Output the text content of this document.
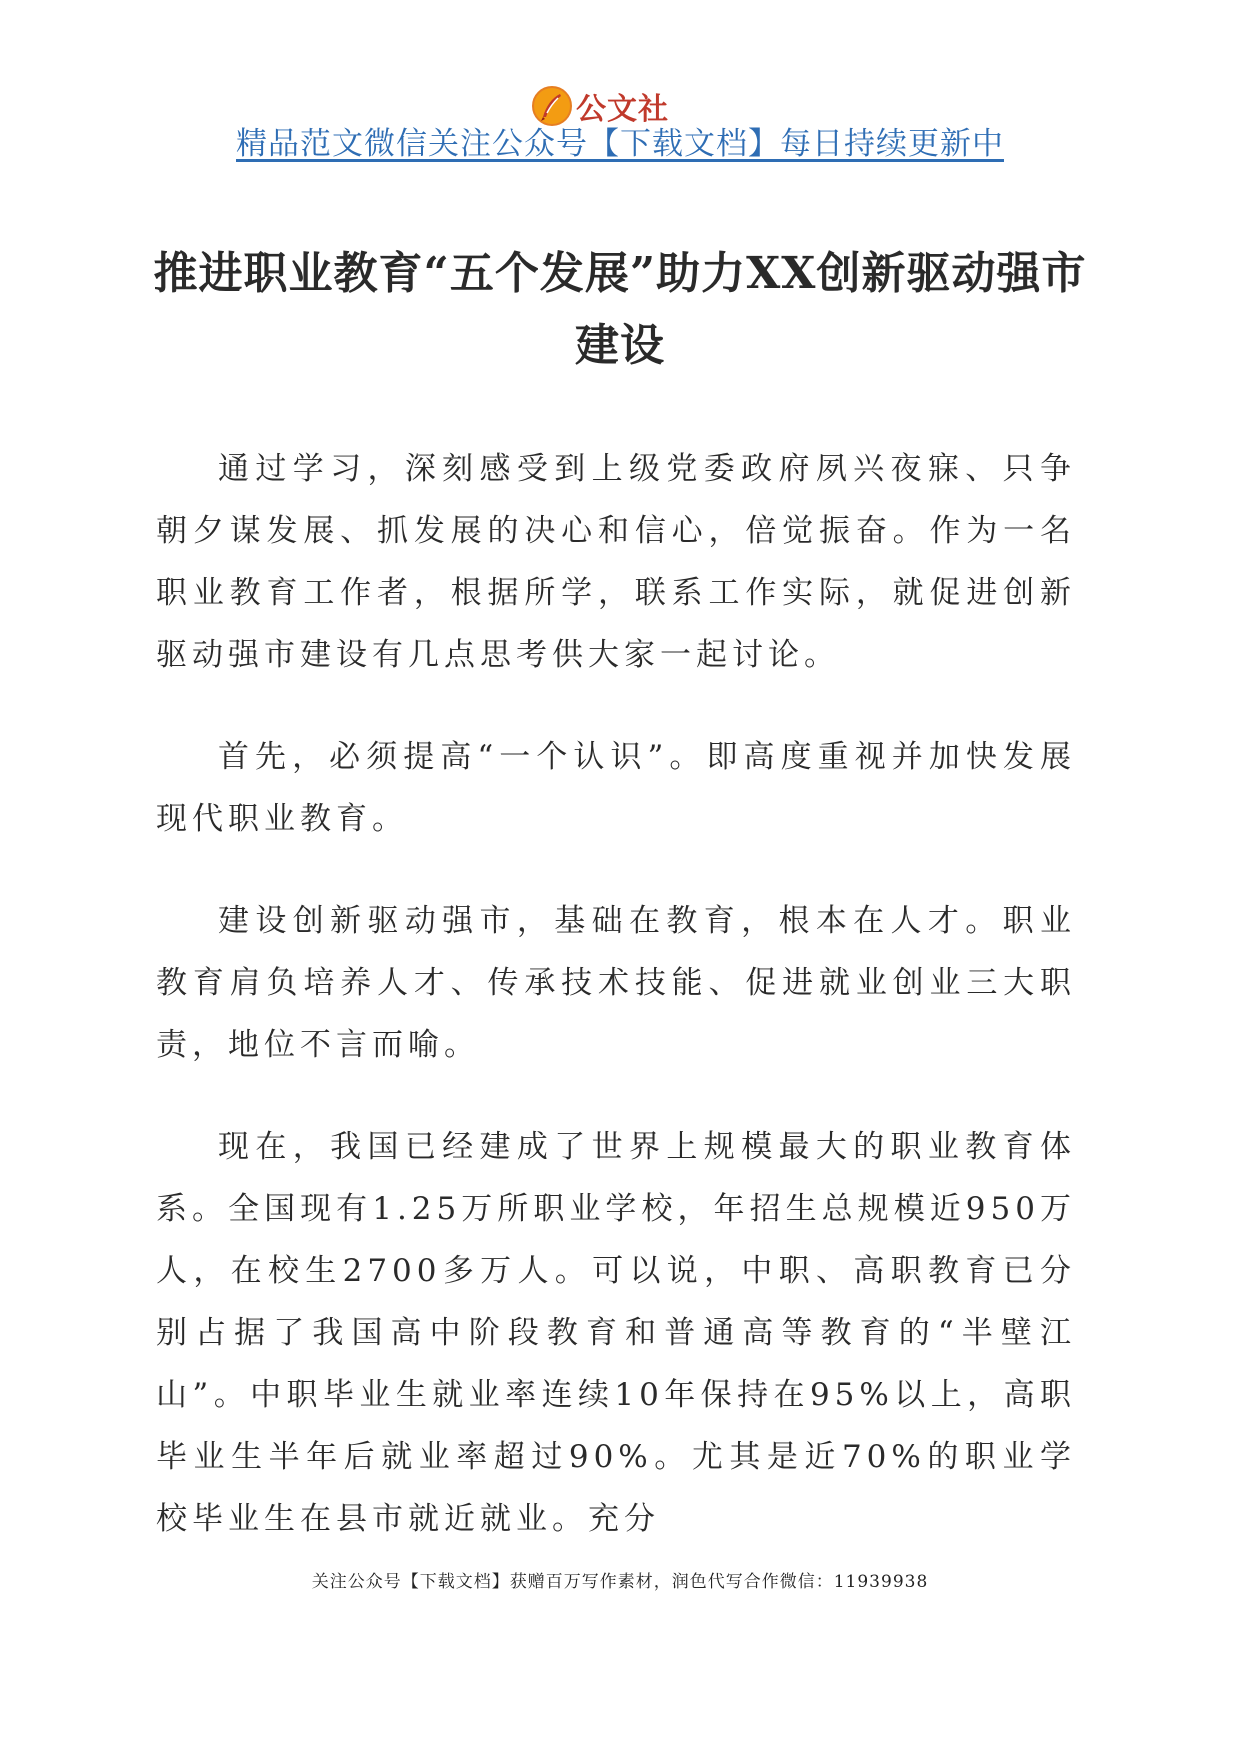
公文社
精品范文微信关注公众号【下载文档】每日持续更新中
推进职业教育“五个发展”助力XX创新驱动强市建设

通过学习，深刻感受到上级党委政府夙兴夜寐、只争朝夕谋发展、抓发展的决心和信心，倍觉振奋。作为一名职业教育工作者，根据所学，联系工作实际，就促进创新驱动强市建设有几点思考供大家一起讨论。

首先，必须提高“一个认识”。即高度重视并加快发展现代职业教育。

建设创新驱动强市，基础在教育，根本在人才。职业教育肩负培养人才、传承技术技能、促进就业创业三大职责，地位不言而喻。

现在，我国已经建成了世界上规模最大的职业教育体系。全国现有1.25万所职业学校，年招生总规模近950万人，在校生2700多万人。可以说，中职、高职教育已分别占据了我国高中阶段教育和普通高等教育的“半壁江山”。中职毕业生就业率连续10年保持在95%以上，高职毕业生半年后就业率超过90%。尤其是近70%的职业学校毕业生在县市就近就业。充分

关注公众号【下载文档】获赠百万写作素材，润色代写合作微信：11939938
